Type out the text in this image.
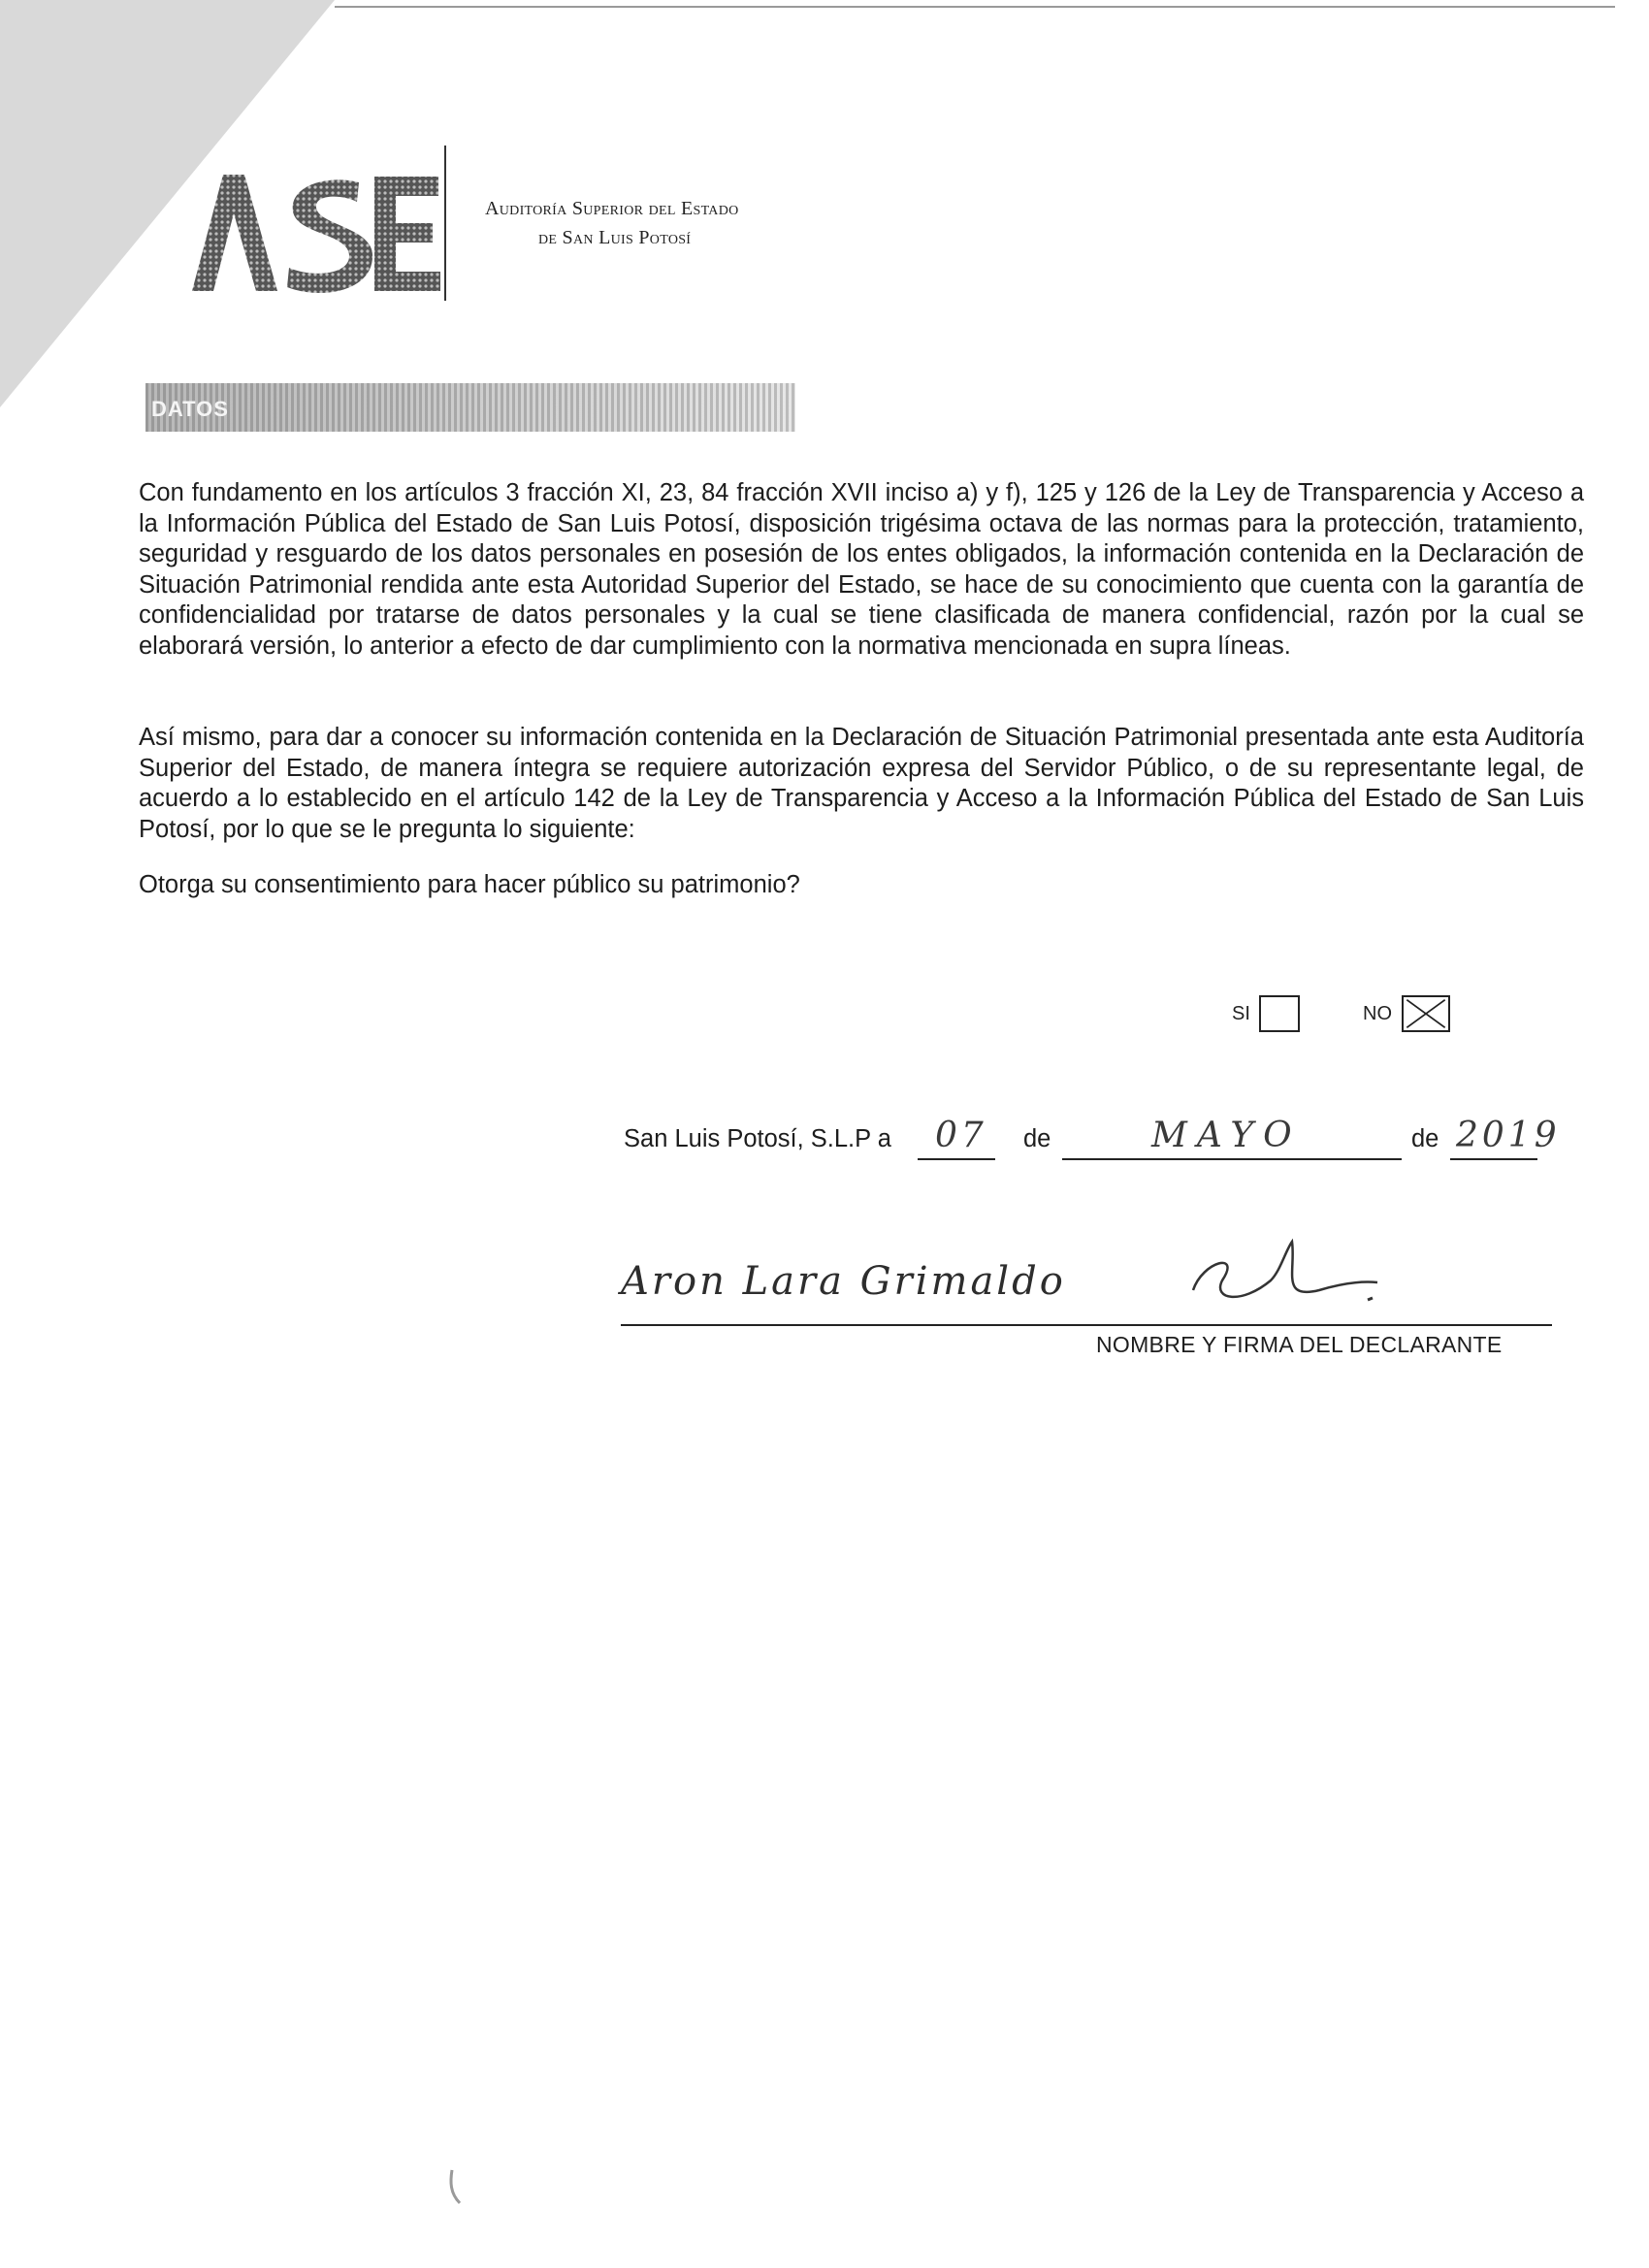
Auditoría Superior del Estado
de San Luis Potosí
DATOS

Con fundamento en los artículos 3 fracción XI, 23, 84 fracción XVII inciso a) y f), 125 y 126 de la Ley de Transparencia y Acceso a la Información Pública del Estado de San Luis Potosí, disposición trigésima octava de las normas para la protección, tratamiento, seguridad y resguardo de los datos personales en posesión de los entes obligados, la información contenida en la Declaración de Situación Patrimonial rendida ante esta Autoridad Superior del Estado, se hace de su conocimiento que cuenta con la garantía de confidencialidad por tratarse de datos personales y la cual se tiene clasificada de manera confidencial, razón por la cual se elaborará versión, lo anterior a efecto de dar cumplimiento con la normativa mencionada en supra líneas.

Así mismo, para dar a conocer su información contenida en la Declaración de Situación Patrimonial presentada ante esta Auditoría Superior del Estado, de manera íntegra se requiere autorización expresa del Servidor Público, o de su representante legal, de acuerdo a lo establecido en el artículo 142 de la Ley de Transparencia y Acceso a la Información Pública del Estado de San Luis Potosí, por lo que se le pregunta lo siguiente:

Otorga su consentimiento para hacer público su patrimonio?

SI	NO
San Luis Potosí, S.L.P a 07 de	MAYO	de 2019
Aron Lara Grimaldo
NOMBRE Y FIRMA DEL DECLARANTE
